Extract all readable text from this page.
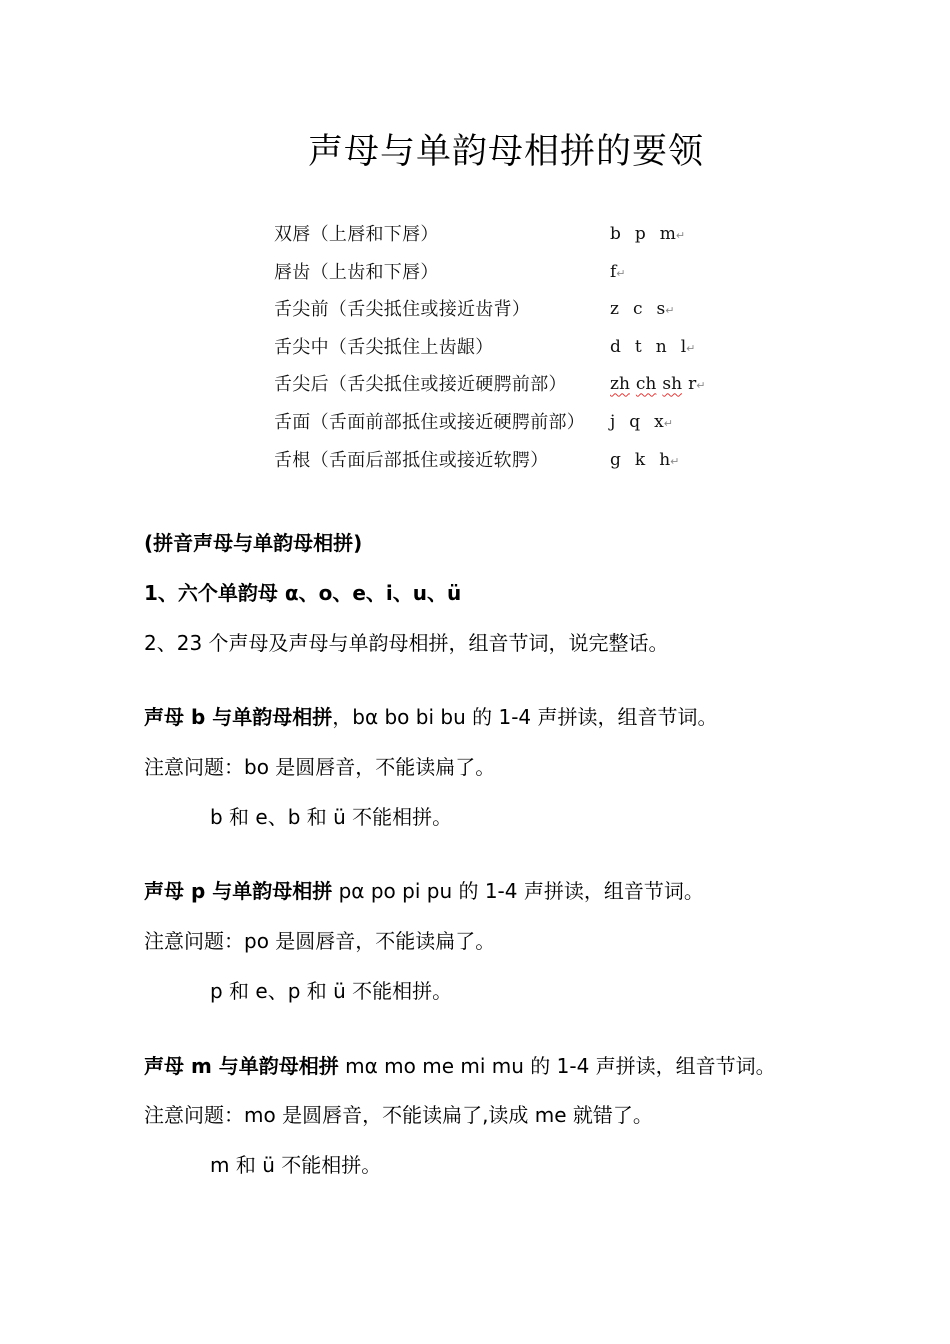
声母与单韵母相拼的要领
双唇（上唇和下唇）	b p m↵
唇齿（上齿和下唇）	f↵
舌尖前（舌尖抵住或接近齿背）	z c s↵
舌尖中（舌尖抵住上齿龈）	d t n l↵
舌尖后（舌尖抵住或接近硬腭前部）	zh ch sh r↵
舌面（舌面前部抵住或接近硬腭前部） j q x↵
舌根（舌面后部抵住或接近软腭）	g k h↵

(拼音声母与单韵母相拼)

1、六个单韵母 α、o、e、i、u、ü

2、23 个声母及声母与单韵母相拼，组音节词，说完整话。

声母 b 与单韵母相拼，bα bo bi bu 的 1-4 声拼读，组音节词。

注意问题：bo 是圆唇音，不能读扁了。

b 和 e、b 和 ü 不能相拼。

声母 p 与单韵母相拼 pα po pi pu 的 1-4 声拼读，组音节词。

注意问题：po 是圆唇音，不能读扁了。

p 和 e、p 和 ü 不能相拼。

声母 m 与单韵母相拼 mα mo me mi mu 的 1-4 声拼读，组音节词。

注意问题：mo 是圆唇音，不能读扁了,读成 me 就错了。

m 和 ü 不能相拼。
